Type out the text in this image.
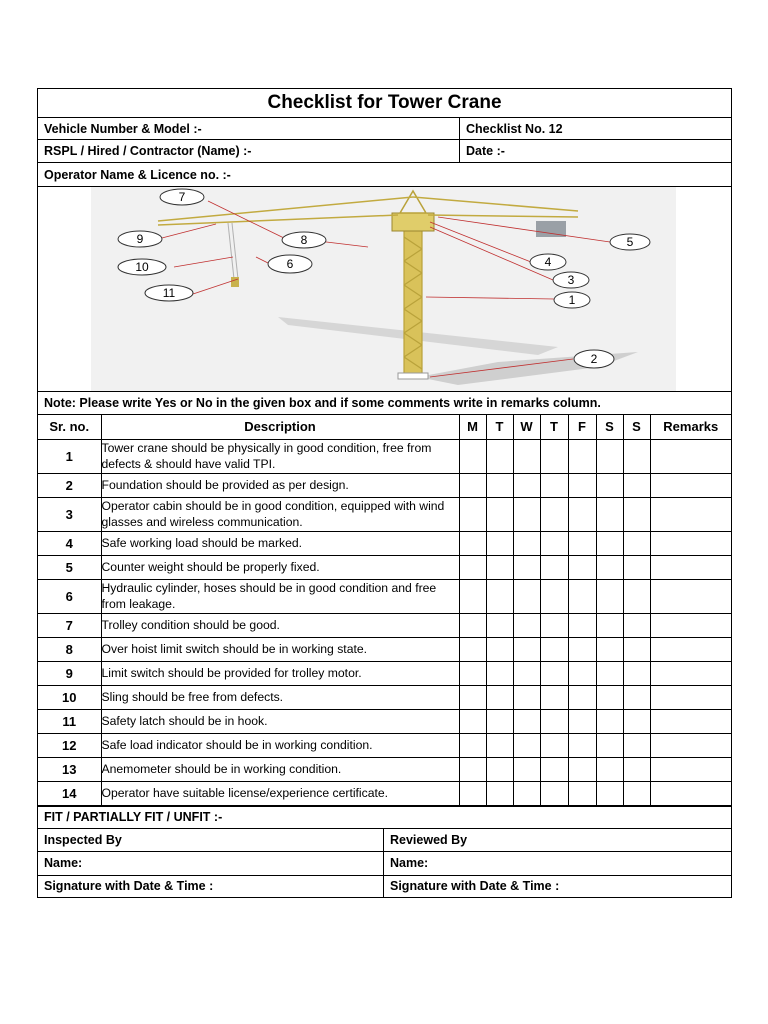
Checklist for Tower Crane
Vehicle Number & Model :-	Checklist No. 12
RSPL / Hired / Contractor (Name) :-	Date :-
Operator Name & Licence no. :-
1
2
3
4
5
6
7
8
9
10
11
Note: Please write Yes or No in the given box and if some comments write in remarks column.
Sr. no.	Description	M	T	W	T	F	S	S	Remarks
1	Tower crane should be physically in good condition, free from defects & should have valid TPI.								
2	Foundation should be provided as per design.								
3	Operator cabin should be in good condition, equipped with wind glasses and wireless communication.								
4	Safe working load should be marked.								
5	Counter weight should be properly fixed.								
6	Hydraulic cylinder, hoses should be in good condition and free from leakage.								
7	Trolley condition should be good.								
8	Over hoist limit switch should be in working state.								
9	Limit switch should be provided for trolley motor.								
10	Sling should be free from defects.								
11	Safety latch should be in hook.								
12	Safe load indicator should be in working condition.								
13	Anemometer should be in working condition.								
14	Operator have suitable license/experience certificate.								
FIT / PARTIALLY FIT / UNFIT :-
Inspected By	Reviewed By
Name:	Name:
Signature with Date & Time :	Signature with Date & Time :
